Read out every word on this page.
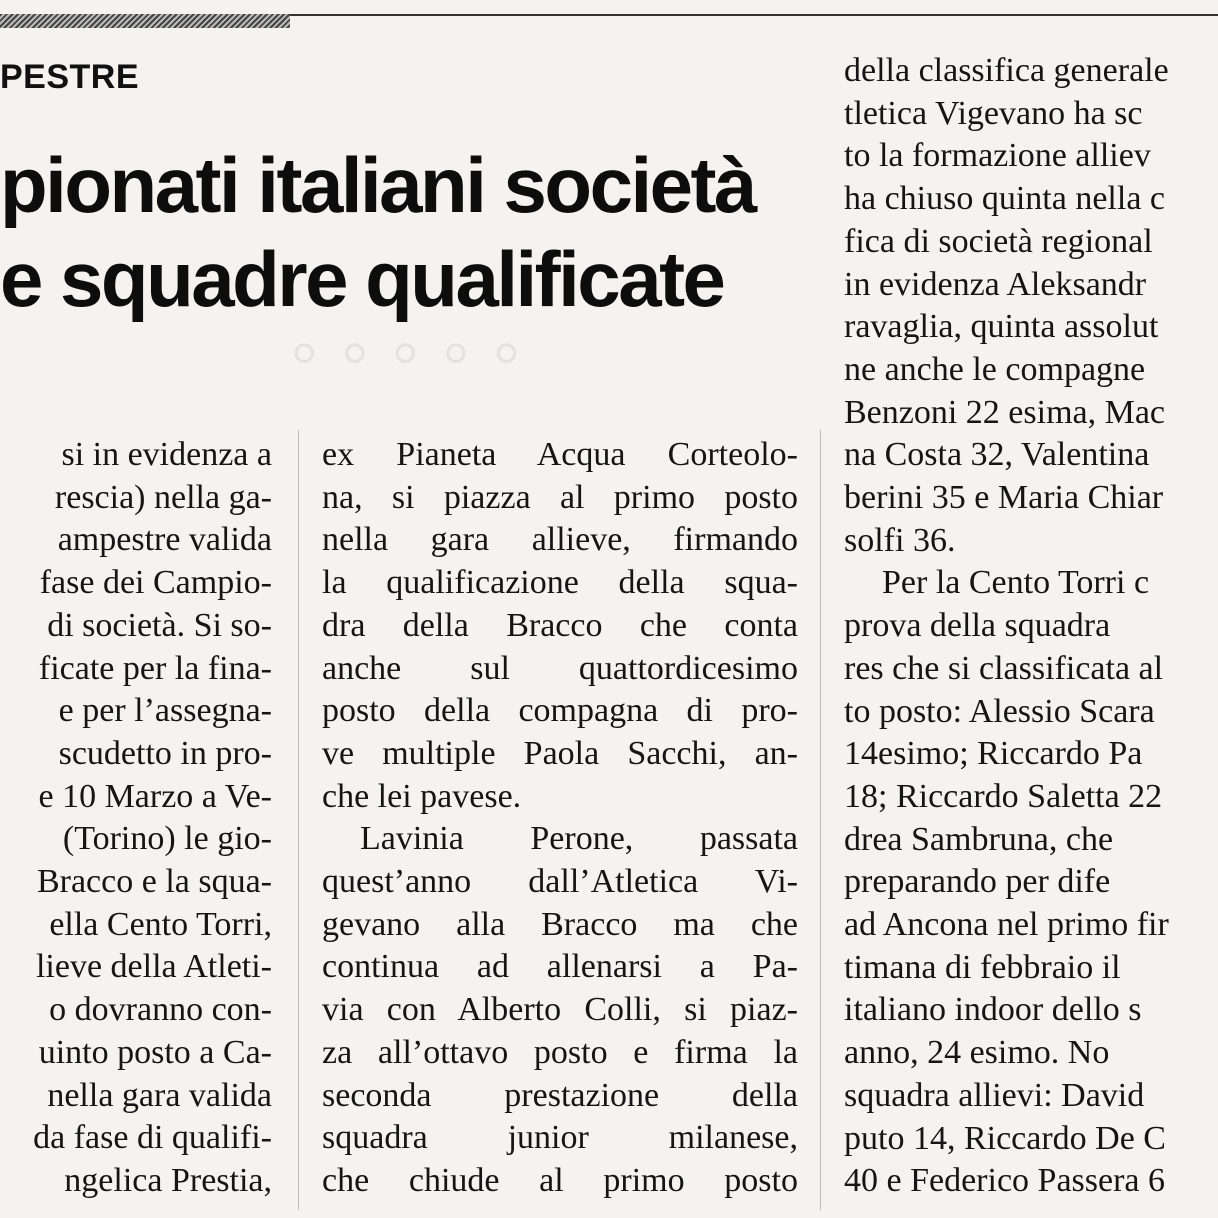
◦ ◦ ◦ ◦ ◦
PESTRE
pionati italiani società
e squadre qualificate
si in evidenza a
rescia) nella ga-
ampestre valida
fase dei Campio-
di società. Si so-
ficate per la fina-
e per l’assegna-
scudetto in pro-
e 10 Marzo a Ve-
(Torino) le gio-
Bracco e la squa-
ella Cento Torri,
lieve della Atleti-
o dovranno con-
uinto posto a Ca-
nella gara valida
da fase di qualifi-
ngelica Prestia,
ex Pianeta Acqua Corteolo-
na, si piazza al primo posto
nella gara allieve, firmando
la qualificazione della squa-
dra della Bracco che conta
anche sul quattordicesimo
posto della compagna di pro-
ve multiple Paola Sacchi, an-
che lei pavese.
Lavinia Perone, passata
quest’anno dall’Atletica Vi-
gevano alla Bracco ma che
continua ad allenarsi a Pa-
via con Alberto Colli, si piaz-
za all’ottavo posto e firma la
seconda prestazione della
squadra junior milanese,
che chiude al primo posto
della classifica generale
tletica Vigevano ha sc
to la formazione alliev
ha chiuso quinta nella c
fica di società regional
in evidenza Aleksandr
ravaglia, quinta assolut
ne anche le compagne
Benzoni 22 esima, Mac
na Costa 32, Valentina
berini 35 e Maria Chiar
solfi 36.
Per la Cento Torri c
prova della squadra
res che si classificata al
to posto: Alessio Scara
14esimo; Riccardo Pa
18; Riccardo Saletta 22
drea Sambruna, che
preparando per dife
ad Ancona nel primo fir
timana di febbraio il
italiano indoor dello s
anno, 24 esimo. No
squadra allievi: David
puto 14, Riccardo De C
40 e Federico Passera 6
